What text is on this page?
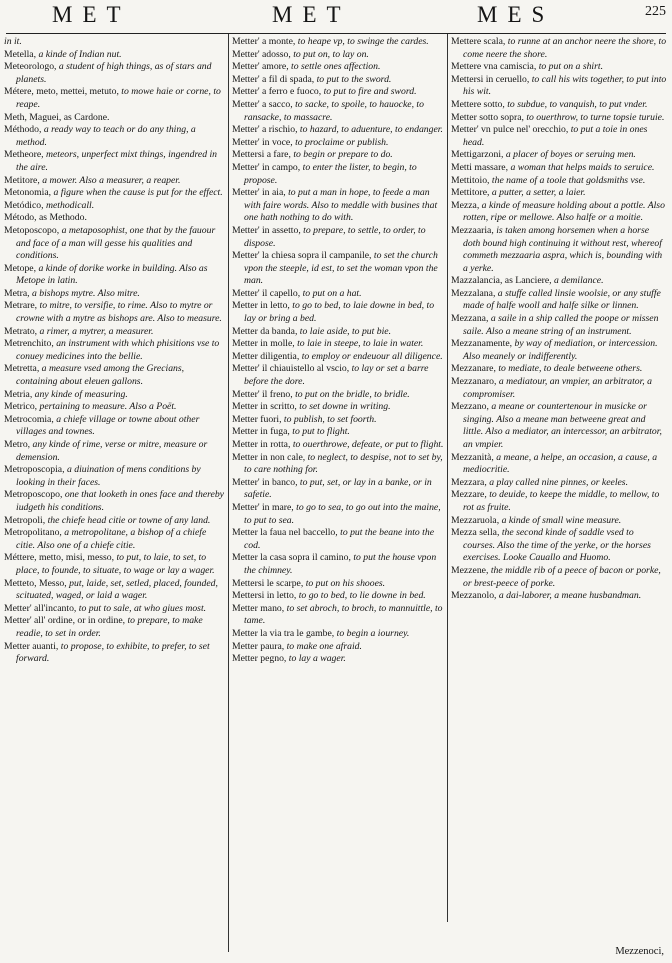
MET	MET	MES	225

in it.

Metella, a kinde of Indian nut.

Meteorologo, a student of high things, as of stars and planets.

Métere, meto, mettei, metuto, to mowe haie or corne, to reape.

Meth, Maguei, as Cardone.

Méthodo, a ready way to teach or do any thing, a method.

Metheore, meteors, unperfect mixt things, ingendred in the aire.

Metitore, a mower. Also a measurer, a reaper.

Metonomia, a figure when the cause is put for the effect.

Metódico, methodicall.

Método, as Methodo.

Metoposcopo, a metaposophist, one that by the fauour and face of a man will gesse his qualities and conditions.

Metope, a kinde of dorike worke in building. Also as Metope in latin.

Metra, a bishops mytre. Also mitre.

Metrare, to mitre, to versifie, to rime. Also to mytre or crowne with a mytre as bishops are. Also to measure.

Metrato, a rimer, a mytrer, a measurer.

Metrenchito, an instrument with which phisitions vse to conuey medicines into the bellie.

Metretta, a measure vsed among the Grecians, containing about eleuen gallons.

Metria, any kinde of measuring.

Metrico, pertaining to measure. Also a Poët.

Metrocomia, a chiefe village or towne about other villages and townes.

Metro, any kinde of rime, verse or mitre, measure or demension.

Metroposcopia, a diuination of mens conditions by looking in their faces.

Metroposcopo, one that looketh in ones face and thereby iudgeth his conditions.

Metropoli, the chiefe head citie or towne of any land.

Metropolitano, a metropolitane, a bishop of a chiefe citie. Also one of a chiefe citie.

Méttere, metto, misi, messo, to put, to laie, to set, to place, to founde, to situate, to wage or lay a wager.

Metteto, Messo, put, laide, set, setled, placed, founded, scituated, waged, or laid a wager.

Metter' all'incanto, to put to sale, at who giues most.

Metter' all' ordine, or in ordine, to prepare, to make readie, to set in order.

Metter auanti, to propose, to exhibite, to prefer, to set forward.

Metter' a monte, to heape vp, to swinge the cardes.

Metter' adosso, to put on, to lay on.

Metter' amore, to settle ones affection.

Metter' a fil di spada, to put to the sword.

Metter' a ferro e fuoco, to put to fire and sword.

Metter' a sacco, to sacke, to spoile, to hauocke, to ransacke, to massacre.

Metter' a rischio, to hazard, to aduenture, to endanger.

Metter' in voce, to proclaime or publish.

Mettersi a fare, to begin or prepare to do.

Metter' in campo, to enter the lister, to begin, to propose.

Metter' in aia, to put a man in hope, to feede a man with faire words. Also to meddle with busines that one hath nothing to do with.

Metter' in assetto, to prepare, to settle, to order, to dispose.

Metter' la chiesa sopra il campanile, to set the church vpon the steeple, id est, to set the woman vpon the man.

Metter' il capello, to put on a hat.

Metter in letto, to go to bed, to laie downe in bed, to lay or bring a bed.

Metter da banda, to laie aside, to put bie.

Metter in molle, to laie in steepe, to laie in water.

Metter diligentia, to employ or endeuour all diligence.

Metter' il chiauistello al vscio, to lay or set a barre before the dore.

Metter' il freno, to put on the bridle, to bridle.

Metter in scritto, to set downe in writing.

Metter fuori, to publish, to set foorth.

Metter in fuga, to put to flight.

Metter in rotta, to ouerthrowe, defeate, or put to flight.

Metter in non cale, to neglect, to despise, not to set by, to care nothing for.

Metter' in banco, to put, set, or lay in a banke, or in safetie.

Metter' in mare, to go to sea, to go out into the maine, to put to sea.

Metter la faua nel baccello, to put the beane into the cod.

Metter la casa sopra il camino, to put the house vpon the chimney.

Mettersi le scarpe, to put on his shooes.

Mettersi in letto, to go to bed, to lie downe in bed.

Metter mano, to set abroch, to broch, to mannuittle, to tame.

Metter la via tra le gambe, to begin a iourney.

Metter paura, to make one afraid.

Metter pegno, to lay a wager.

Mettere scala, to runne at an anchor neere the shore, to come neere the shore.

Mettere vna camiscia, to put on a shirt.

Mettersi in ceruello, to call his wits together, to put into his wit.

Mettere sotto, to subdue, to vanquish, to put vnder.

Metter sotto sopra, to ouerthrow, to turne topsie turuie.

Metter' vn pulce nel' orecchio, to put a toie in ones head.

Mettigarzoni, a placer of boyes or seruing men.

Metti massare, a woman that helps maids to seruice.

Mettitoio, the name of a toole that goldsmiths vse.

Mettitore, a putter, a setter, a laier.

Mezza, a kinde of measure holding about a pottle. Also rotten, ripe or mellowe. Also halfe or a moitie.

Mezzaaria, is taken among horsemen when a horse doth bound high continuing it without rest, whereof commeth mezzaaria aspra, which is, bounding with a yerke.

Mazzalancia, as Lanciere, a demilance.

Mezzalana, a stuffe called linsie woolsie, or any stuffe made of halfe wooll and halfe silke or linnen.

Mezzana, a saile in a ship called the poope or missen saile. Also a meane string of an instrument.

Mezzanamente, by way of mediation, or intercession. Also meanely or indifferently.

Mezzanare, to mediate, to deale betweene others.

Mezzanaro, a mediatour, an vmpier, an arbitrator, a compromiser.

Mezzano, a meane or countertenour in musicke or singing. Also a meane man betweene great and little. Also a mediator, an intercessor, an arbitrator, an vmpier.

Mezzanità, a meane, a helpe, an occasion, a cause, a mediocritie.

Mezzara, a play called nine pinnes, or keeles.

Mezzare, to deuide, to keepe the middle, to mellow, to rot as fruite.

Mezzaruola, a kinde of small wine measure.

Mezza sella, the second kinde of saddle vsed to courses. Also the time of the yerke, or the horses exercises. Looke Cauallo and Huomo.

Mezzene, the middle rib of a peece of bacon or porke, or brest-peece of porke.

Mezzanolo, a dai-laborer, a meane husbandman.

Mezzenoci,
